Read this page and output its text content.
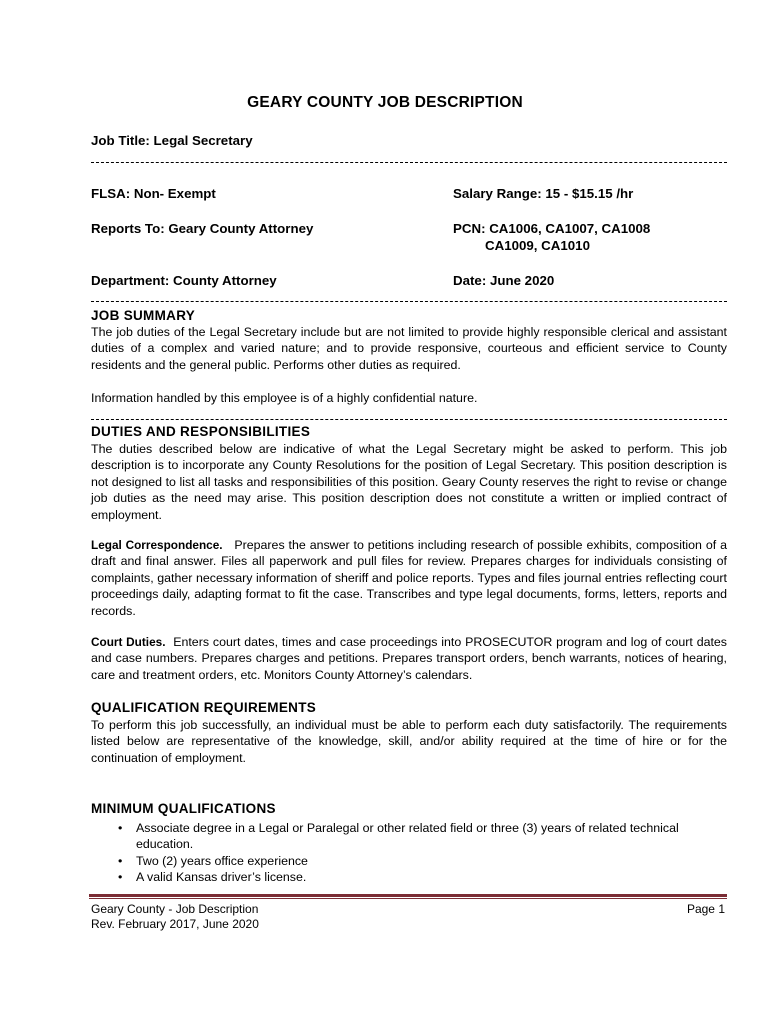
GEARY COUNTY JOB DESCRIPTION
Job Title: Legal Secretary
FLSA: Non- Exempt	Salary Range: 15 - $15.15 /hr
Reports To: Geary County Attorney	PCN: CA1006, CA1007, CA1008
CA1009, CA1010
Department: County Attorney	Date: June 2020
JOB SUMMARY
The job duties of the Legal Secretary include but are not limited to provide highly responsible clerical and assistant duties of a complex and varied nature; and to provide responsive, courteous and efficient service to County residents and the general public. Performs other duties as required.
Information handled by this employee is of a highly confidential nature.
DUTIES AND RESPONSIBILITIES
The duties described below are indicative of what the Legal Secretary might be asked to perform. This job description is to incorporate any County Resolutions for the position of Legal Secretary. This position description is not designed to list all tasks and responsibilities of this position. Geary County reserves the right to revise or change job duties as the need may arise. This position description does not constitute a written or implied contract of employment.
Legal Correspondence. Prepares the answer to petitions including research of possible exhibits, composition of a draft and final answer. Files all paperwork and pull files for review. Prepares charges for individuals consisting of complaints, gather necessary information of sheriff and police reports. Types and files journal entries reflecting court proceedings daily, adapting format to fit the case. Transcribes and type legal documents, forms, letters, reports and records.
Court Duties. Enters court dates, times and case proceedings into PROSECUTOR program and log of court dates and case numbers. Prepares charges and petitions. Prepares transport orders, bench warrants, notices of hearing, care and treatment orders, etc. Monitors County Attorney’s calendars.
QUALIFICATION REQUIREMENTS
To perform this job successfully, an individual must be able to perform each duty satisfactorily. The requirements listed below are representative of the knowledge, skill, and/or ability required at the time of hire or for the continuation of employment.
MINIMUM QUALIFICATIONS
• Associate degree in a Legal or Paralegal or other related field or three (3) years of related technical education.
• Two (2) years office experience
• A valid Kansas driver’s license.
Geary County - Job Description
Rev. February 2017, June 2020
Page 1
